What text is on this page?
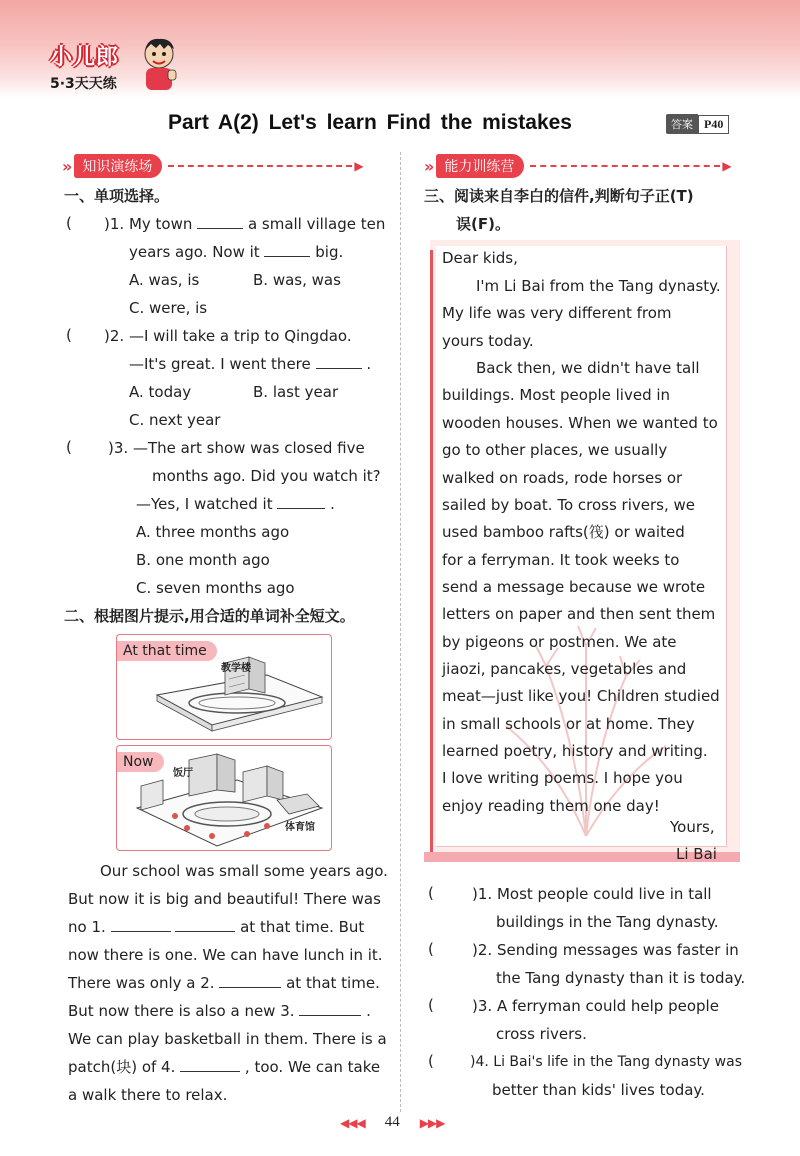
小儿郎
5·3天天练
Part A(2) Let's learn Find the mistakes	答案 P40
» 知识演练场	▶
一、单项选择。
( )1. My town	a small village ten
years ago. Now it	big.
A. was, is	B. was, was
C. were, is
( )2. —I will take a trip to Qingdao.
—It's great. I went there	.
A. today	B. last year
C. next year
( )3. —The art show was closed five
months ago. Did you watch it?
—Yes, I watched it	.
A. three months ago
B. one month ago
C. seven months ago
二、根据图片提示,用合适的单词补全短文。
At that time
教学楼
Now
饭厅
体育馆
Our school was small some years ago.
But now it is big and beautiful! There was
no 1.	at that time. But
now there is one. We can have lunch in it.
There was only a 2.	at that time.
But now there is also a new 3.	.
We can play basketball in them. There is a
patch(块) of 4.	, too. We can take
a walk there to relax.
» 能力训练营	▶
三、阅读来自李白的信件,判断句子正(T)
误(F)。
Dear kids,
I'm Li Bai from the Tang dynasty.
My life was very different from
yours today.
Back then, we didn't have tall
buildings. Most people lived in
wooden houses. When we wanted to
go to other places, we usually
walked on roads, rode horses or
sailed by boat. To cross rivers, we
used bamboo rafts(筏) or waited
for a ferryman. It took weeks to
send a message because we wrote
letters on paper and then sent them
by pigeons or postmen. We ate
jiaozi, pancakes, vegetables and
meat—just like you! Children studied
in small schools or at home. They
learned poetry, history and writing.
I love writing poems. I hope you
enjoy reading them one day!
Yours,
Li Bai
(	)1. Most people could live in tall
buildings in the Tang dynasty.
(	)2. Sending messages was faster in
the Tang dynasty than it is today.
(	)3. A ferryman could help people
cross rivers.
(	)4. Li Bai's life in the Tang dynasty was
better than kids' lives today.
◀◀◀ 44 ▶▶▶
